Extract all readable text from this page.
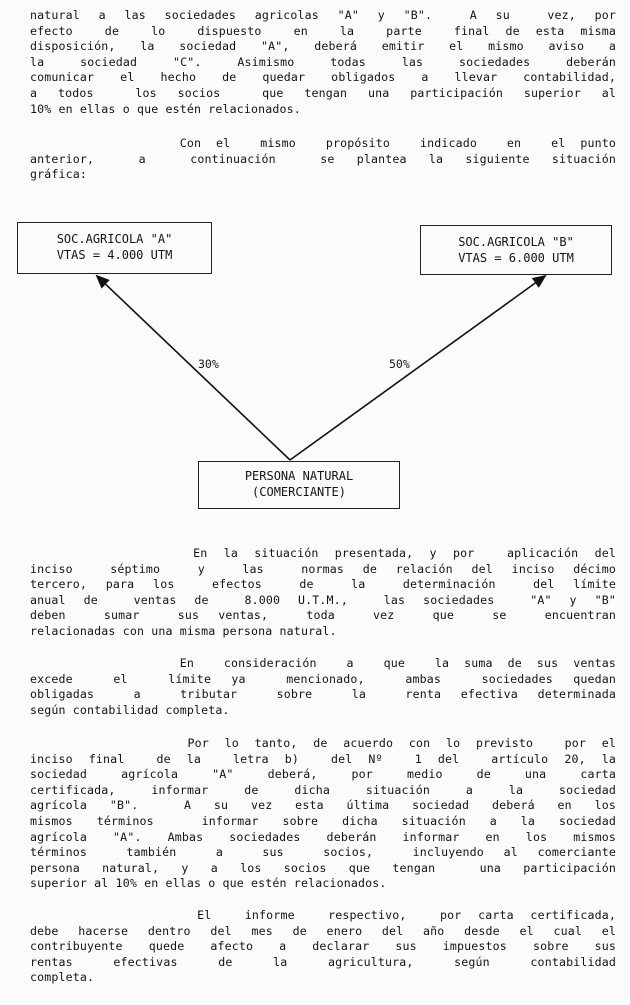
natural a las sociedades agricolas "A" y "B".  A su  vez, por
efecto  de  lo  dispuesto  en  la  parte  final de esta misma
disposición, la sociedad "A", deberá emitir el mismo aviso a
la  sociedad  "C".  Asimismo  todas  las  sociedades  deberán
comunicar el hecho de quedar obligados a llevar contabilidad,
a todos  los socios  que tengan una participación superior al
10% en ellas o que estén relacionados.
Con el  mismo  propósito  indicado  en  el punto
anterior,  a  continuación  se plantea la siguiente situación
gráfica:
SOC.AGRICOLA "A"
VTAS = 4.000 UTM
SOC.AGRICOLA "B"
VTAS = 6.000 UTM
PERSONA NATURAL
(COMERCIANTE)
30%	50%
En la situación presentada, y por  aplicación del
inciso  séptimo  y  las  normas de relación del inciso décimo
tercero, para los  efectos  de  la  determinación  del límite
anual de  ventas de  8.000 U.T.M.,  las sociedades  "A" y "B"
deben  sumar  sus ventas,  toda  vez  que  se  encuentran
relacionadas con una misma persona natural.
En  consideración  a  que  la suma de sus ventas
excede  el  límite ya  mencionado,  ambas  sociedades quedan
obligadas  a  tributar  sobre  la  renta efectiva determinada
según contabilidad completa.
Por lo tanto, de acuerdo con lo previsto  por el
inciso final  de la  letra b)  del Nº  1 del  artículo 20, la
sociedad  agrícola  "A"  deberá,  por  medio  de  una  carta
certificada,  informar  de  dicha  situación  a  la  sociedad
agrícola "B".  A su vez esta última sociedad deberá en los
mismos términos  informar sobre dicha situación a la sociedad
agrícola "A". Ambas sociedades deberán informar en los mismos
términos  también  a  sus  socios,  incluyendo al comerciante
persona natural, y a los socios que tengan  una participación
superior al 10% en ellas o que estén relacionados.
El  informe  respectivo,  por carta certificada,
debe hacerse dentro del mes de enero del año desde el cual el
contribuyente quede afecto a declarar sus impuestos sobre sus
rentas  efectivas  de  la  agricultura,  según  contabilidad
completa.
